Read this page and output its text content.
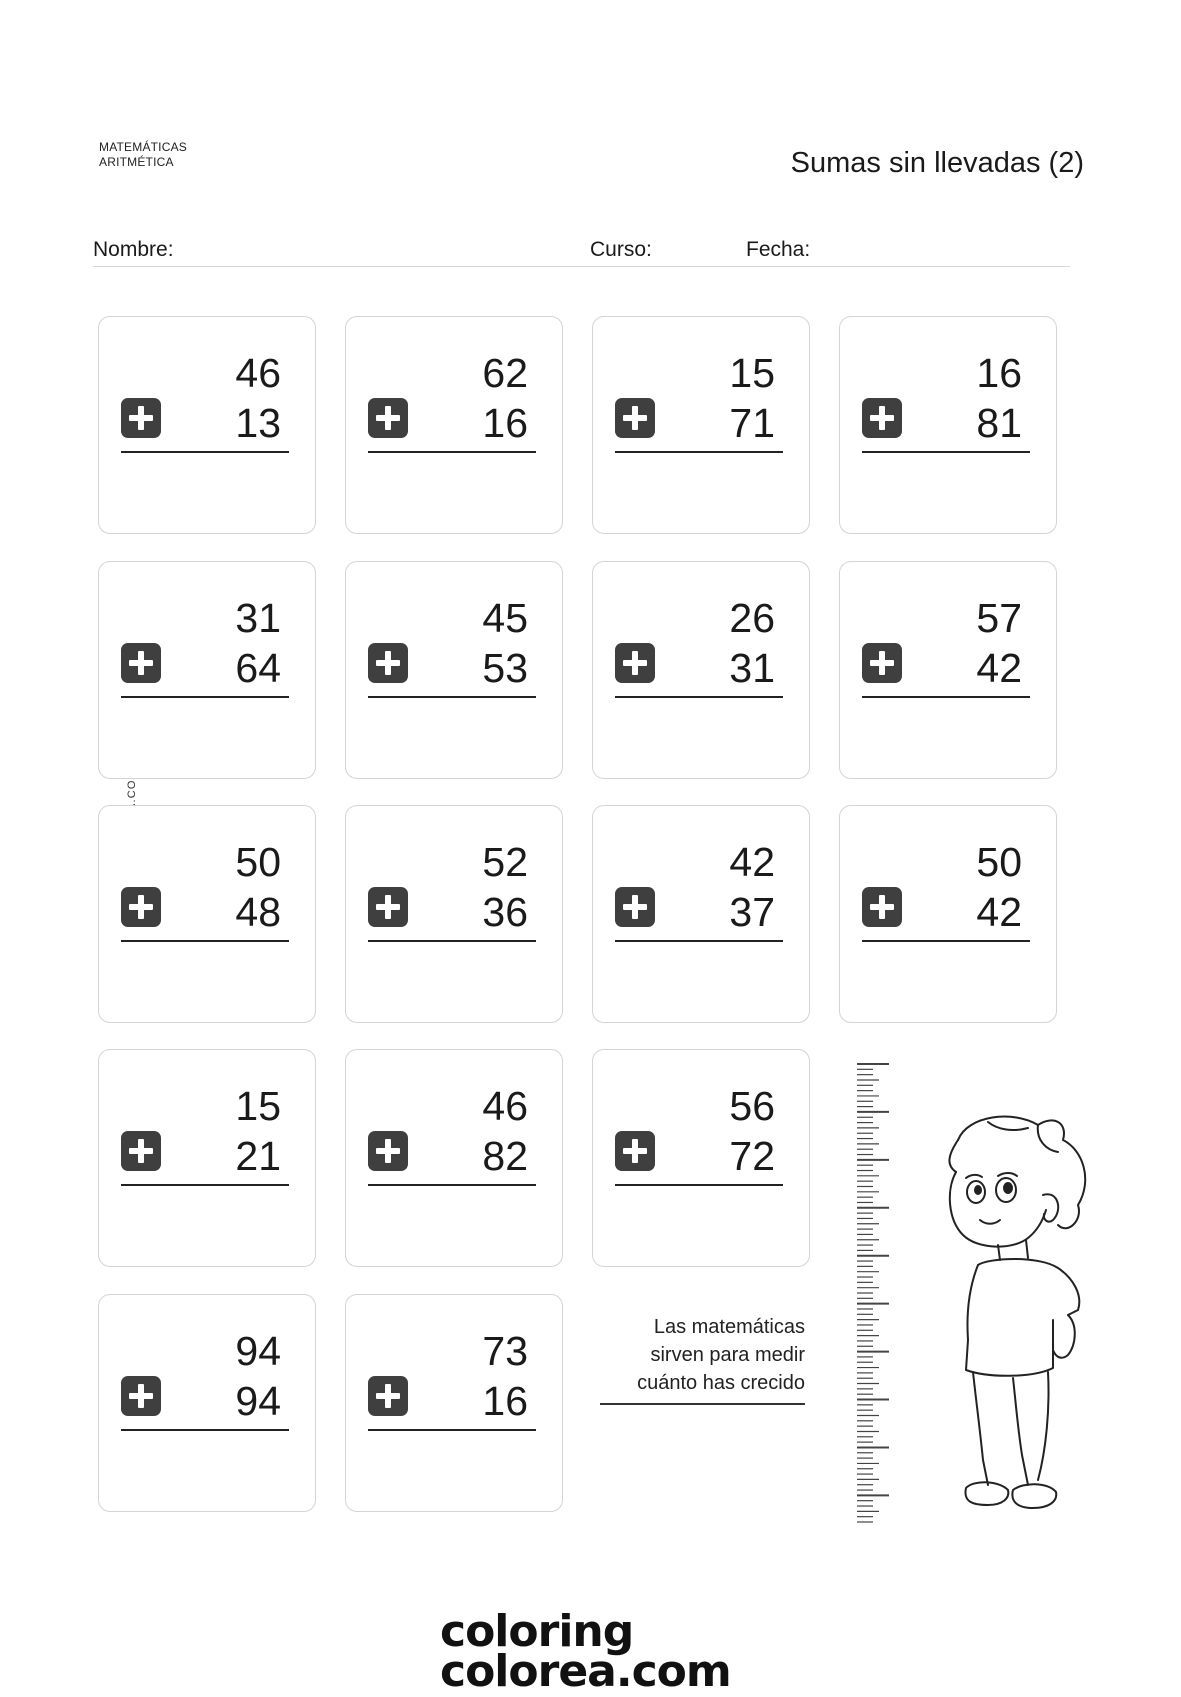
MATEMÁTICAS
ARITMÉTICA	Sumas sin llevadas (2)
Nombre:	Curso:	Fecha:
46
13
62
16
15
71
16
81
31
64
45
53
26
31
57
42
50
48
52
36
42
37
50
42
15
21
46
82
56
72
94
94
73
16
Las matemáticas
sirven para medir
cuánto has crecido
coloring
colorea.com
